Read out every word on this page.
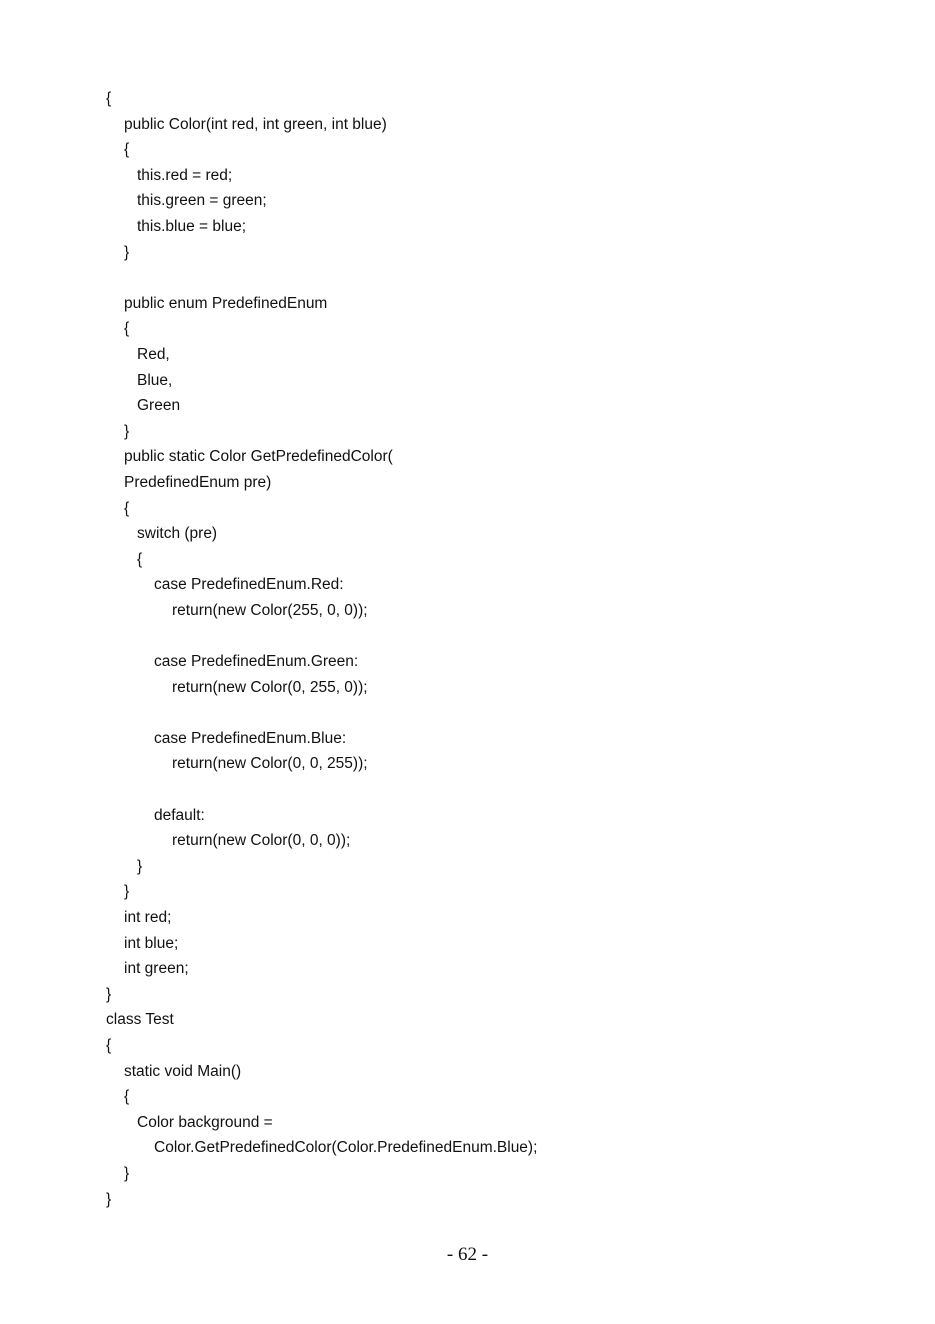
{
public Color(int red, int green, int blue)
{
this.red = red;
this.green = green;
this.blue = blue;
}
public enum PredefinedEnum
{
Red,
Blue,
Green
}
public static Color GetPredefinedColor(
PredefinedEnum pre)
{
switch (pre)
{
case PredefinedEnum.Red:
return(new Color(255, 0, 0));
case PredefinedEnum.Green:
return(new Color(0, 255, 0));
case PredefinedEnum.Blue:
return(new Color(0, 0, 255));
default:
return(new Color(0, 0, 0));
}
}
int red;
int blue;
int green;
}
class Test
{
static void Main()
{
Color background =
Color.GetPredefinedColor(Color.PredefinedEnum.Blue);
}
}
- 62 -
